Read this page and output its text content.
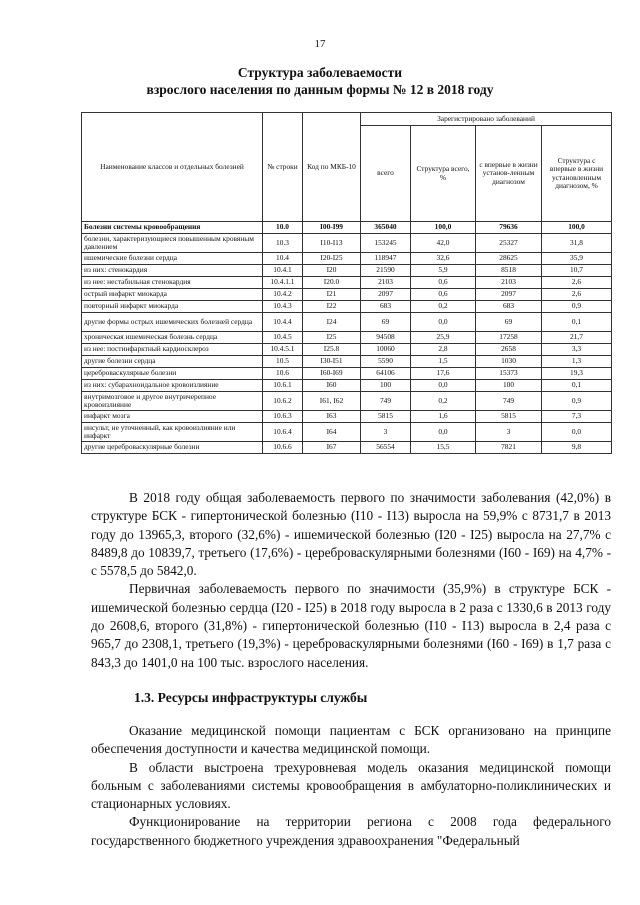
17
Структура заболеваемости
взрослого населения по данным формы № 12 в 2018 году
Наименование классов и отдельных болезней	№ строки	Код по МКБ-10	Зарегистрировано заболеваний			
			всего	Структура всего, %	с впервые в жизни установ-ленным диагнозом	Структура с впервые в жизни установленным диагнозом, %
Болезни системы кровообращения	10.0	I00-I99	365040	100,0	79636	100,0
болезни, характеризующиеся повышенным кровяным давлением	10.3	I10-I13	153245	42,0	25327	31,8
ишемические болезни сердца	10.4	I20-I25	118947	32,6	28625	35,9
из них: стенокардия	10.4.1	I20	21590	5,9	8518	10,7
из нее: нестабильная стенокардия	10.4.1.1	I20.0	2103	0,6	2103	2,6
острый инфаркт миокарда	10.4.2	I21	2097	0,6	2097	2,6
повторный инфаркт миокарда	10.4.3	I22	683	0,2	683	0,9
другие формы острых ишемических болезней сердца	10.4.4	I24	69	0,0	69	0,1
хроническая ишемическая болезнь сердца	10.4.5	I25	94508	25,9	17258	21,7
из нее: постинфарктный кардиосклероз	10.4.5.1	I25.8	10060	2,8	2658	3,3
другие болезни сердца	10.5	I30-I51	5590	1,5	1030	1,3
цереброваскулярные болезни	10.6	I60-I69	64106	17,6	15373	19,3
из них: субарахноидальное кровоизлияние	10.6.1	I60	100	0,0	100	0,1
внутримозговое и другое внутричерепное кровоизлияние	10.6.2	I61, I62	749	0,2	749	0,9
инфаркт мозга	10.6.3	I63	5815	1,6	5815	7,3
инсульт, не уточненный, как кровоизлияние или инфаркт	10.6.4	I64	3	0,0	3	0,0
другие цереброваскулярные болезни	10.6.6	I67	56554	15,5	7821	9,8

В 2018 году общая заболеваемость первого по значимости заболевания (42,0%) в структуре БСК - гипертонической болезнью (I10 - I13) выросла на 59,9% с 8731,7 в 2013 году до 13965,3, второго (32,6%) - ишемической болезнью (I20 - I25) выросла на 27,7% с 8489,8 до 10839,7, третьего (17,6%) - цереброваскулярными болезнями (I60 - I69) на 4,7% - с 5578,5 до 5842,0.

Первичная заболеваемость первого по значимости (35,9%) в структуре БСК - ишемической болезнью сердца (I20 - I25) в 2018 году выросла в 2 раза с 1330,6 в 2013 году до 2608,6, второго (31,8%) - гипертонической болезнью (I10 - I13) выросла в 2,4 раза с 965,7 до 2308,1, третьего (19,3%) - цереброваскулярными болезнями (I60 - I69) в 1,7 раза с 843,3 до 1401,0 на 100 тыс. взрослого населения.

1.3. Ресурсы инфраструктуры службы

Оказание медицинской помощи пациентам с БСК организовано на принципе обеспечения доступности и качества медицинской помощи.

В области выстроена трехуровневая модель оказания медицинской помощи больным с заболеваниями системы кровообращения в амбулаторно-поликлинических и стационарных условиях.

Функционирование на территории региона с 2008 года федерального государственного бюджетного учреждения здравоохранения "Федеральный
